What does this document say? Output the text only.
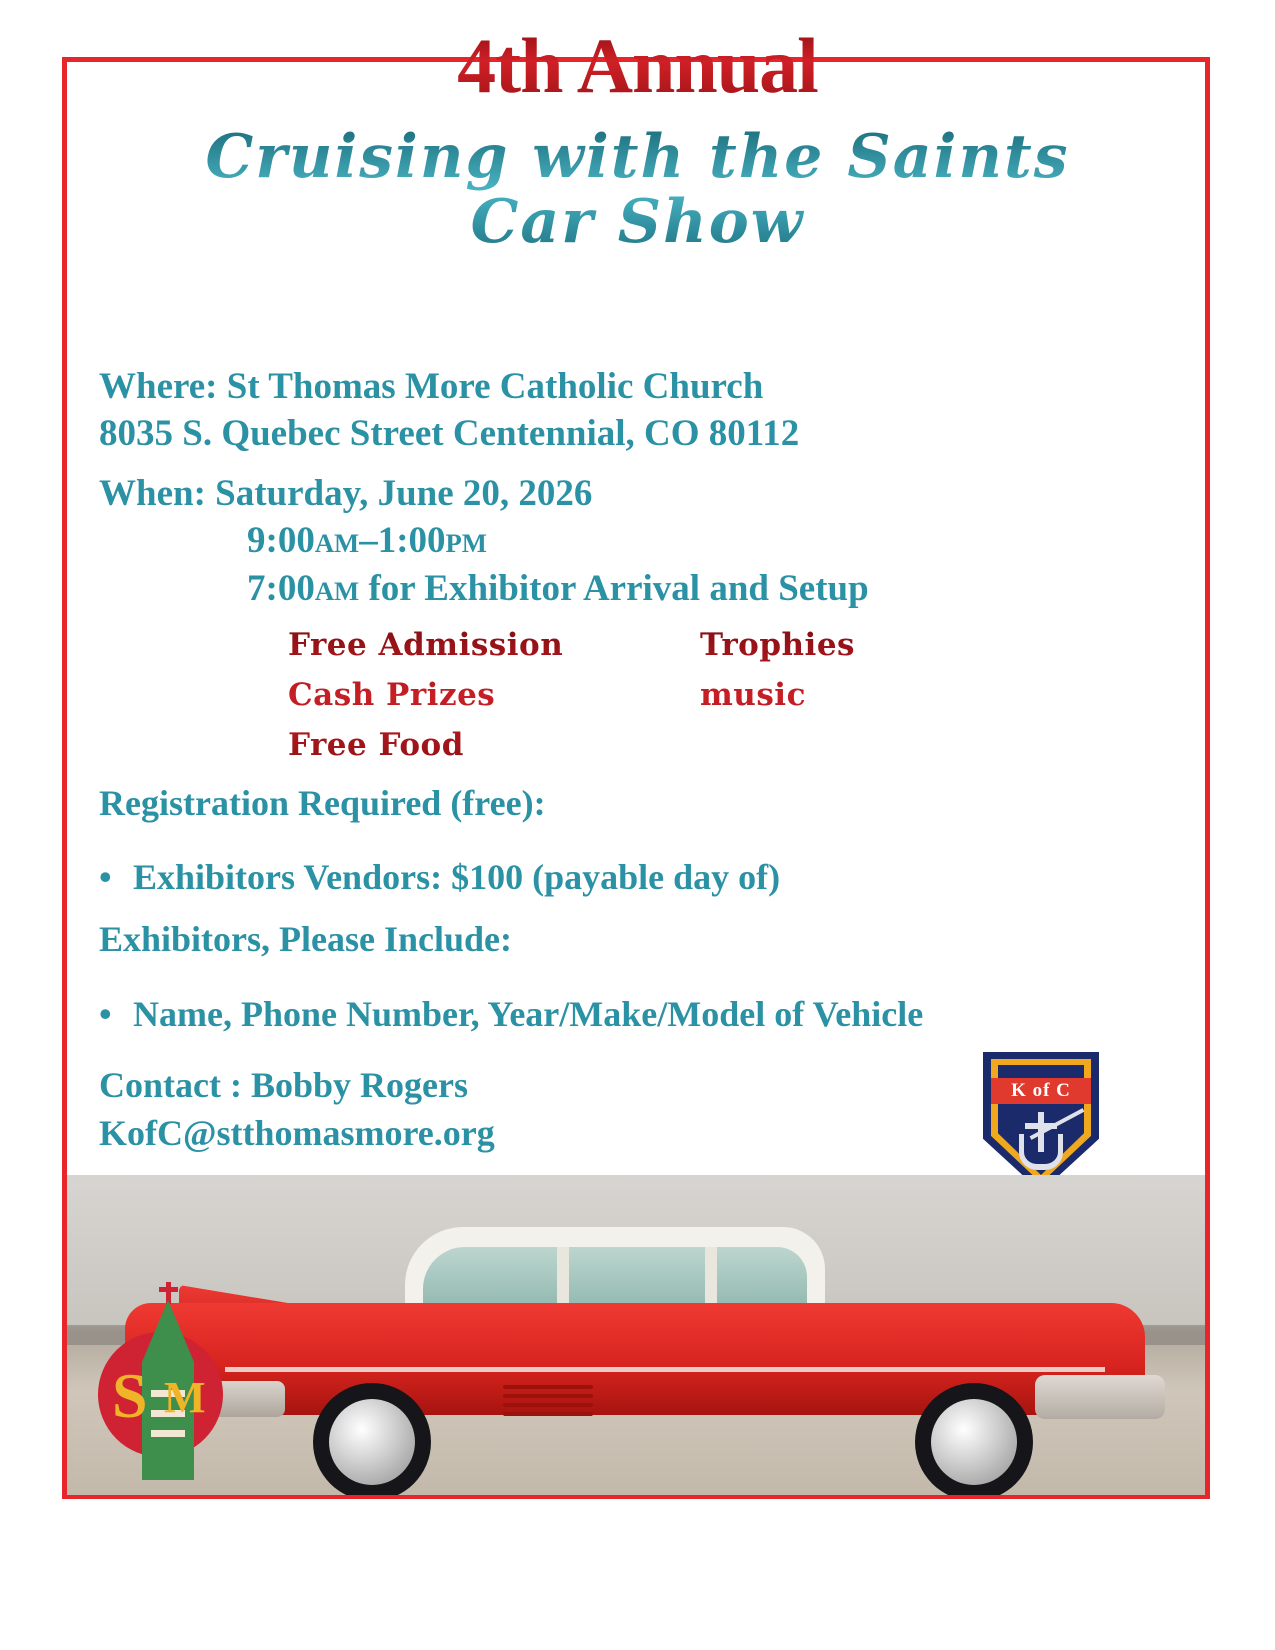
4th Annual
Cruising with the Saints
Car Show
Where: St Thomas More Catholic Church
8035 S. Quebec Street Centennial, CO 80112
When: Saturday, June 20, 2026
9:00AM–1:00PM
7:00AM for Exhibitor Arrival and Setup
Free Admission	Trophies
Cash Prizes	music
Free Food
Registration Required (free):
• Exhibitors Vendors: $100 (payable day of)
Exhibitors, Please Include:
• Name, Phone Number, Year/Make/Model of Vehicle
Contact : Bobby Rogers
KofC@stthomasmore.org
K of C
S M
